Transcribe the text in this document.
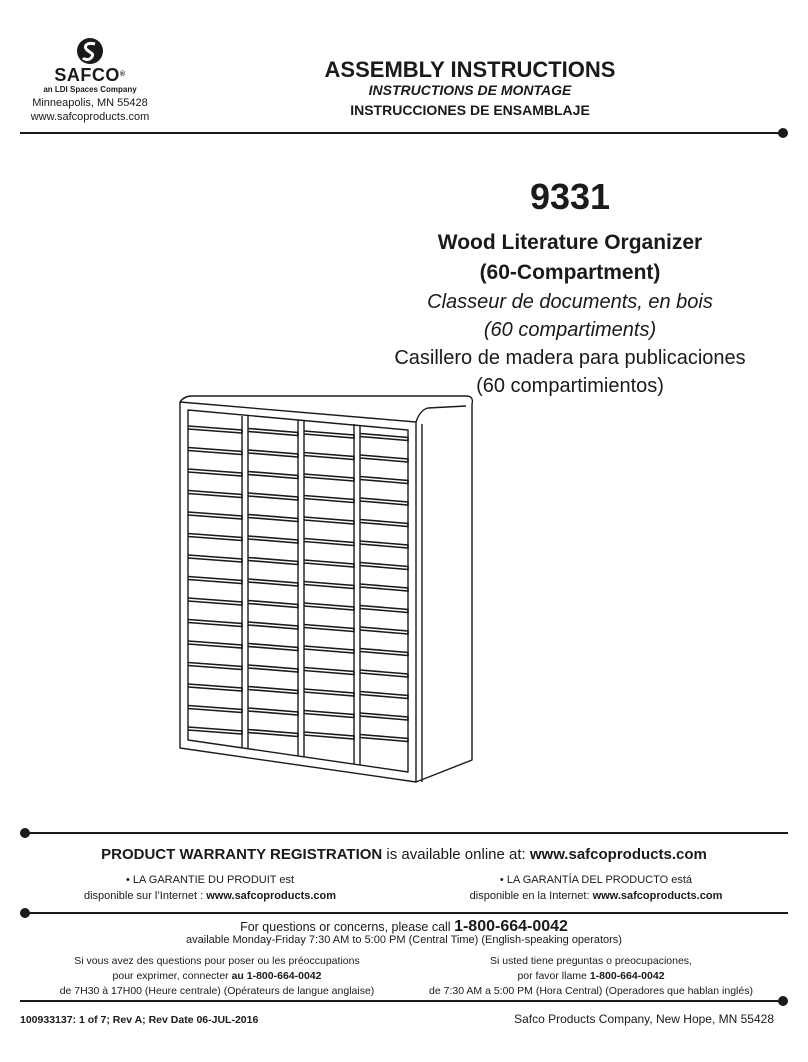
SAFCO®
an LDI Spaces Company
Minneapolis, MN 55428
www.safcoproducts.com
ASSEMBLY INSTRUCTIONS
INSTRUCTIONS DE MONTAGE
INSTRUCCIONES DE ENSAMBLAJE
9331
Wood Literature Organizer
(60-Compartment)
Classeur de documents, en bois
(60 compartiments)
Casillero de madera para publicaciones
(60 compartimientos)
PRODUCT WARRANTY REGISTRATION is available online at: www.safcoproducts.com
• LA GARANTIE DU PRODUIT est
disponible sur l’Internet : www.safcoproducts.com
• LA GARANTÍA DEL PRODUCTO está
disponible en la Internet: www.safcoproducts.com
For questions or concerns, please call 1-800-664-0042
available Monday-Friday 7:30 AM to 5:00 PM (Central Time) (English-speaking operators)
Si vous avez des questions pour poser ou les préoccupations
pour exprimer, connecter au 1-800-664-0042
de 7H30 à 17H00 (Heure centrale) (Opérateurs de langue anglaise)
Si usted tiene preguntas o preocupaciones,
por favor llame 1-800-664-0042
de 7:30 AM a 5:00 PM (Hora Central) (Operadores que hablan inglés)
100933137: 1 of 7; Rev A; Rev Date 06-JUL-2016	Safco Products Company, New Hope, MN 55428
